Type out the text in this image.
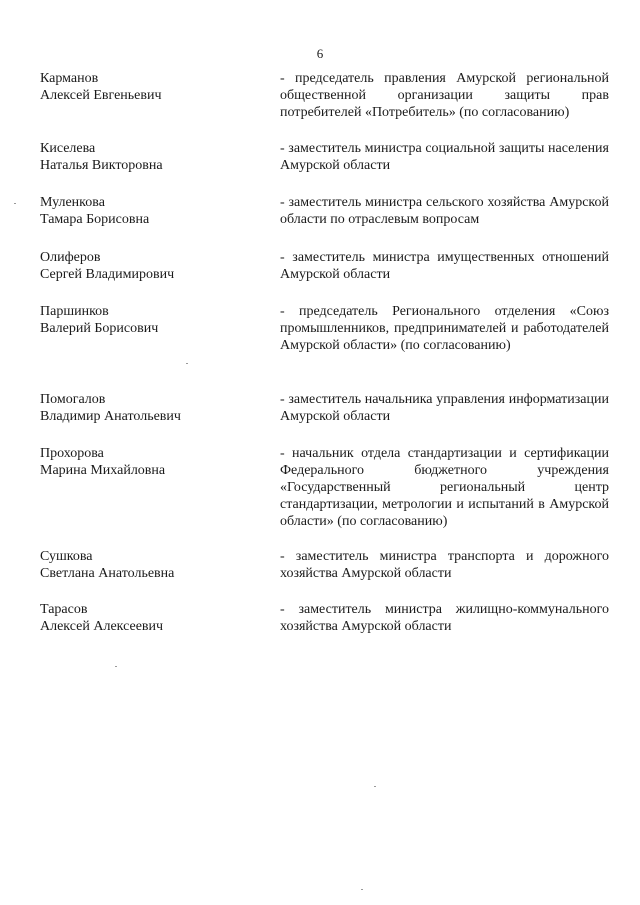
6
Карманов
Алексей Евгеньевич
- председатель правления Амурской региональной общественной организации защиты прав потребителей «Потребитель» (по согласованию)
Киселева
Наталья Викторовна
- заместитель министра социальной защиты населения Амурской области
Муленкова
Тамара Борисовна
- заместитель министра сельского хозяйства Амурской области по отраслевым вопросам
Олиферов
Сергей Владимирович
- заместитель министра имущественных отношений Амурской области
Паршинков
Валерий Борисович
- председатель Регионального отделения «Союз промышленников, предпринимателей и работодателей Амурской области» (по согласованию)
Помогалов
Владимир Анатольевич
- заместитель начальника управления информатизации Амурской области
Прохорова
Марина Михайловна
- начальник отдела стандартизации и сертификации Федерального бюджетного учреждения «Государственный региональный центр стандартизации, метрологии и испытаний в Амурской области» (по согласованию)
Сушкова
Светлана Анатольевна
- заместитель министра транспорта и дорожного хозяйства Амурской области
Тарасов
Алексей Алексеевич
- заместитель министра жилищно-коммунального хозяйства Амурской области
